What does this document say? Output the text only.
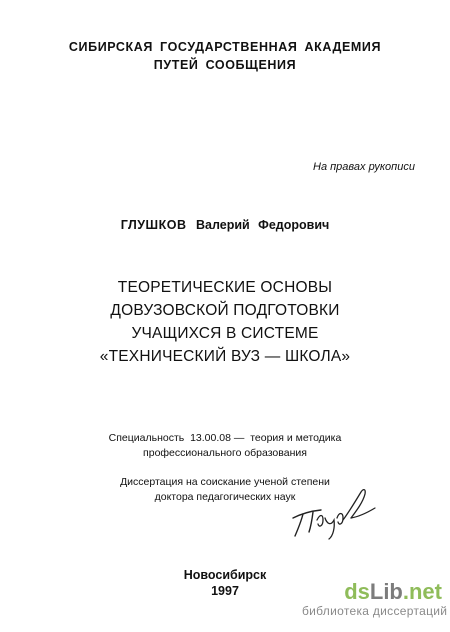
СИБИРСКАЯ ГОСУДАРСТВЕННАЯ АКАДЕМИЯ
ПУТЕЙ СООБЩЕНИЯ
На правах рукописи
ГЛУШКОВ Валерий Федорович
ТЕОРЕТИЧЕСКИЕ ОСНОВЫ
ДОВУЗОВСКОЙ ПОДГОТОВКИ
УЧАЩИХСЯ В СИСТЕМЕ
«ТЕХНИЧЕСКИЙ ВУЗ — ШКОЛА»
Специальность  13.00.08 —  теория и методика
профессионального образования
Диссертация на соискание ученой степени
доктора педагогических наук
Новосибирск
1997	dsLib.net
библиотека диссертаций
